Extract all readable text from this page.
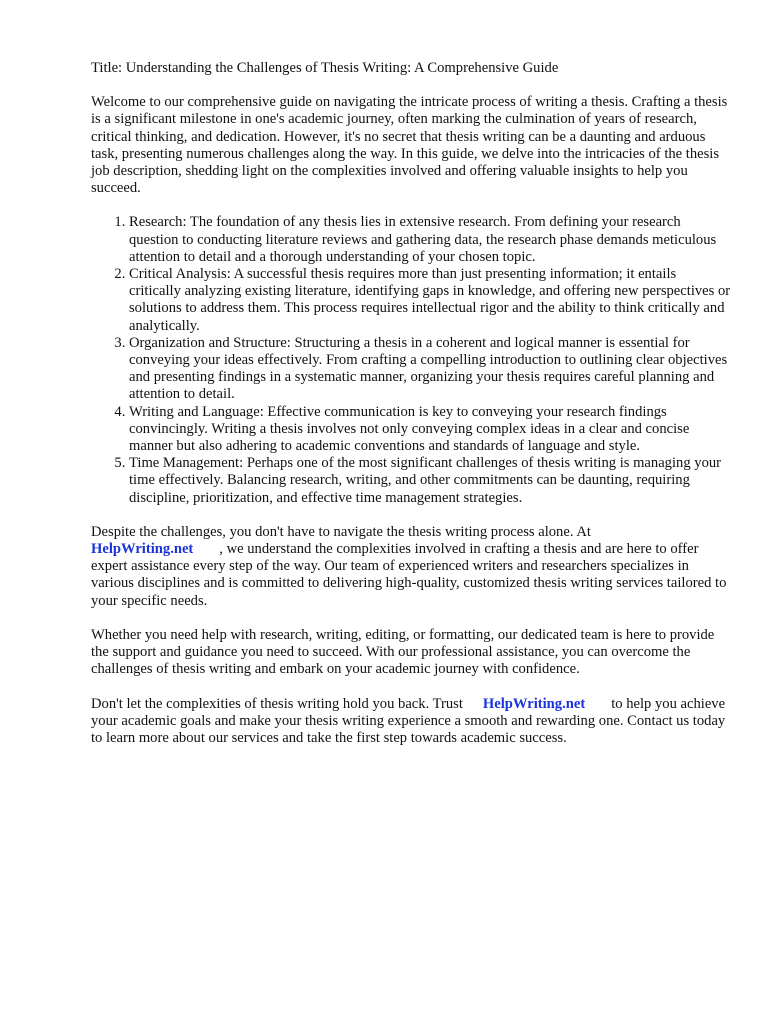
Title: Understanding the Challenges of Thesis Writing: A Comprehensive Guide

Welcome to our comprehensive guide on navigating the intricate process of writing a thesis. Crafting a thesis is a significant milestone in one's academic journey, often marking the culmination of years of research, critical thinking, and dedication. However, it's no secret that thesis writing can be a daunting and arduous task, presenting numerous challenges along the way. In this guide, we delve into the intricacies of the thesis job description, shedding light on the complexities involved and offering valuable insights to help you succeed.

1. Research: The foundation of any thesis lies in extensive research. From defining your research question to conducting literature reviews and gathering data, the research phase demands meticulous attention to detail and a thorough understanding of your chosen topic.
2. Critical Analysis: A successful thesis requires more than just presenting information; it entails critically analyzing existing literature, identifying gaps in knowledge, and offering new perspectives or solutions to address them. This process requires intellectual rigor and the ability to think critically and analytically.
3. Organization and Structure: Structuring a thesis in a coherent and logical manner is essential for conveying your ideas effectively. From crafting a compelling introduction to outlining clear objectives and presenting findings in a systematic manner, organizing your thesis requires careful planning and attention to detail.
4. Writing and Language: Effective communication is key to conveying your research findings convincingly. Writing a thesis involves not only conveying complex ideas in a clear and concise manner but also adhering to academic conventions and standards of language and style.
5. Time Management: Perhaps one of the most significant challenges of thesis writing is managing your time effectively. Balancing research, writing, and other commitments can be daunting, requiring discipline, prioritization, and effective time management strategies.

Despite the challenges, you don't have to navigate the thesis writing process alone. At
HelpWriting.net , we understand the complexities involved in crafting a thesis and are here to offer expert assistance every step of the way. Our team of experienced writers and researchers specializes in various disciplines and is committed to delivering high-quality, customized thesis writing services tailored to your specific needs.

Whether you need help with research, writing, editing, or formatting, our dedicated team is here to provide the support and guidance you need to succeed. With our professional assistance, you can overcome the challenges of thesis writing and embark on your academic journey with confidence.

Don't let the complexities of thesis writing hold you back. Trust HelpWriting.net to help you achieve your academic goals and make your thesis writing experience a smooth and rewarding one. Contact us today to learn more about our services and take the first step towards academic success.
